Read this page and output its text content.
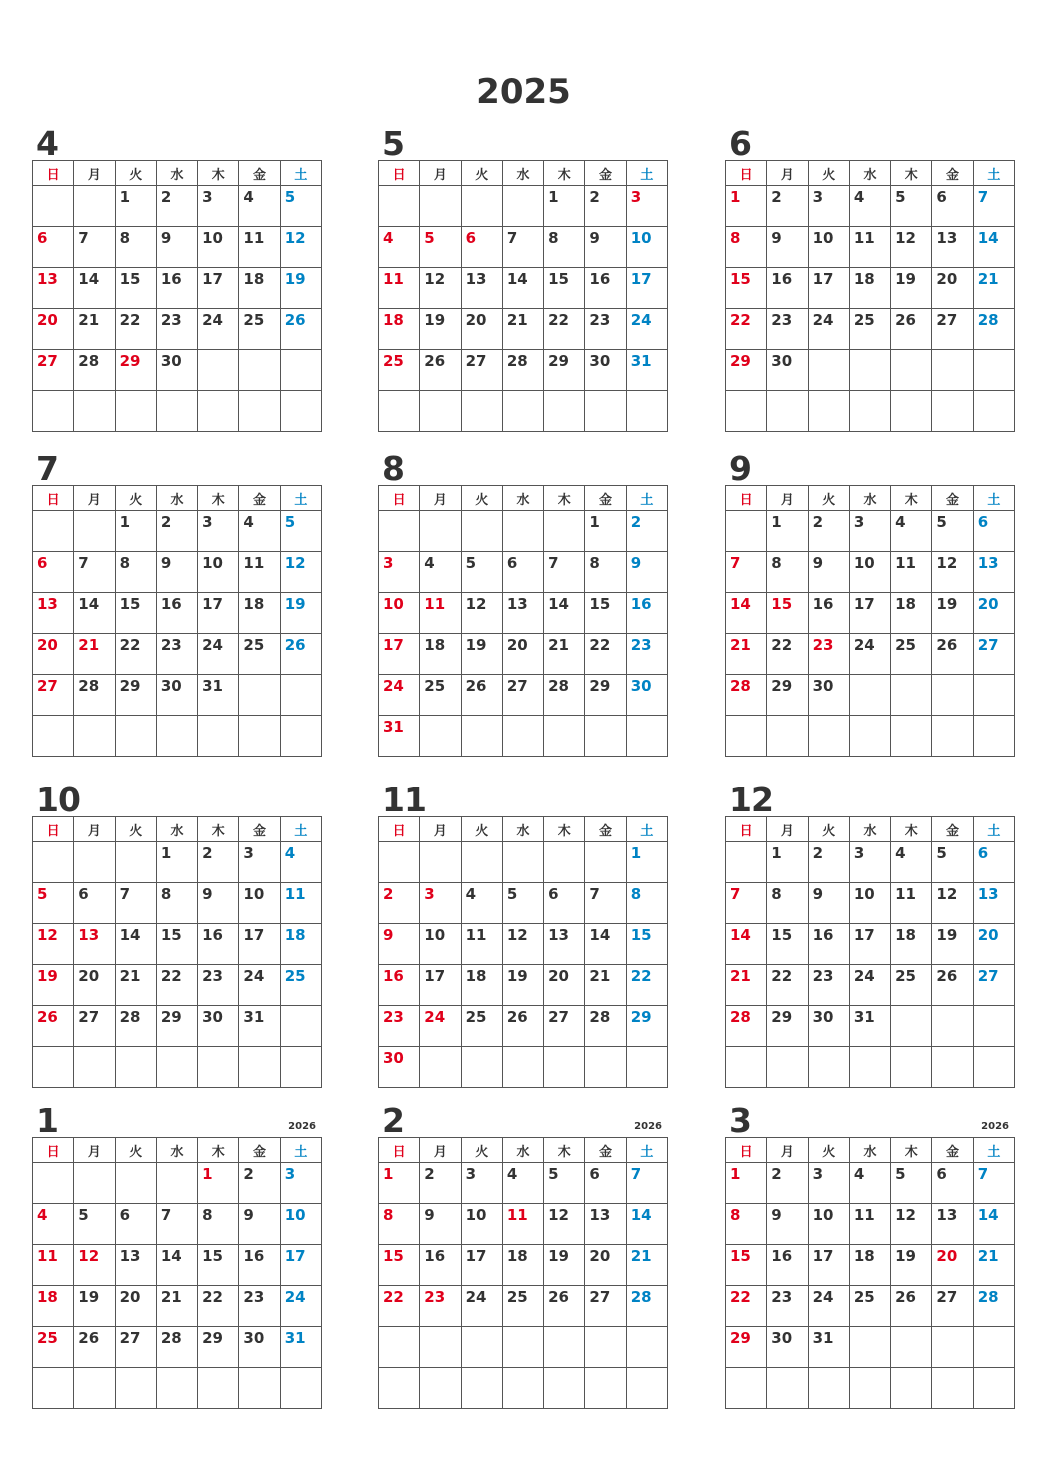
2025
4
日	月	火	水	木	金	土
		1	2	3	4	5
6	7	8	9	10	11	12
13	14	15	16	17	18	19
20	21	22	23	24	25	26
27	28	29	30			

5
日	月	火	水	木	金	土
				1	2	3
4	5	6	7	8	9	10
11	12	13	14	15	16	17
18	19	20	21	22	23	24
25	26	27	28	29	30	31

6
日	月	火	水	木	金	土
1	2	3	4	5	6	7
8	9	10	11	12	13	14
15	16	17	18	19	20	21
22	23	24	25	26	27	28
29	30					

7
日	月	火	水	木	金	土
		1	2	3	4	5
6	7	8	9	10	11	12
13	14	15	16	17	18	19
20	21	22	23	24	25	26
27	28	29	30	31		

8
日	月	火	水	木	金	土
					1	2
3	4	5	6	7	8	9
10	11	12	13	14	15	16
17	18	19	20	21	22	23
24	25	26	27	28	29	30
31						
9
日	月	火	水	木	金	土
	1	2	3	4	5	6
7	8	9	10	11	12	13
14	15	16	17	18	19	20
21	22	23	24	25	26	27
28	29	30				

10
日	月	火	水	木	金	土
			1	2	3	4
5	6	7	8	9	10	11
12	13	14	15	16	17	18
19	20	21	22	23	24	25
26	27	28	29	30	31	

11
日	月	火	水	木	金	土
						1
2	3	4	5	6	7	8
9	10	11	12	13	14	15
16	17	18	19	20	21	22
23	24	25	26	27	28	29
30						
12
日	月	火	水	木	金	土
	1	2	3	4	5	6
7	8	9	10	11	12	13
14	15	16	17	18	19	20
21	22	23	24	25	26	27
28	29	30	31			

1	2026
日	月	火	水	木	金	土
				1	2	3
4	5	6	7	8	9	10
11	12	13	14	15	16	17
18	19	20	21	22	23	24
25	26	27	28	29	30	31

2	2026
日	月	火	水	木	金	土
1	2	3	4	5	6	7
8	9	10	11	12	13	14
15	16	17	18	19	20	21
22	23	24	25	26	27	28

3	2026
日	月	火	水	木	金	土
1	2	3	4	5	6	7
8	9	10	11	12	13	14
15	16	17	18	19	20	21
22	23	24	25	26	27	28
29	30	31				
